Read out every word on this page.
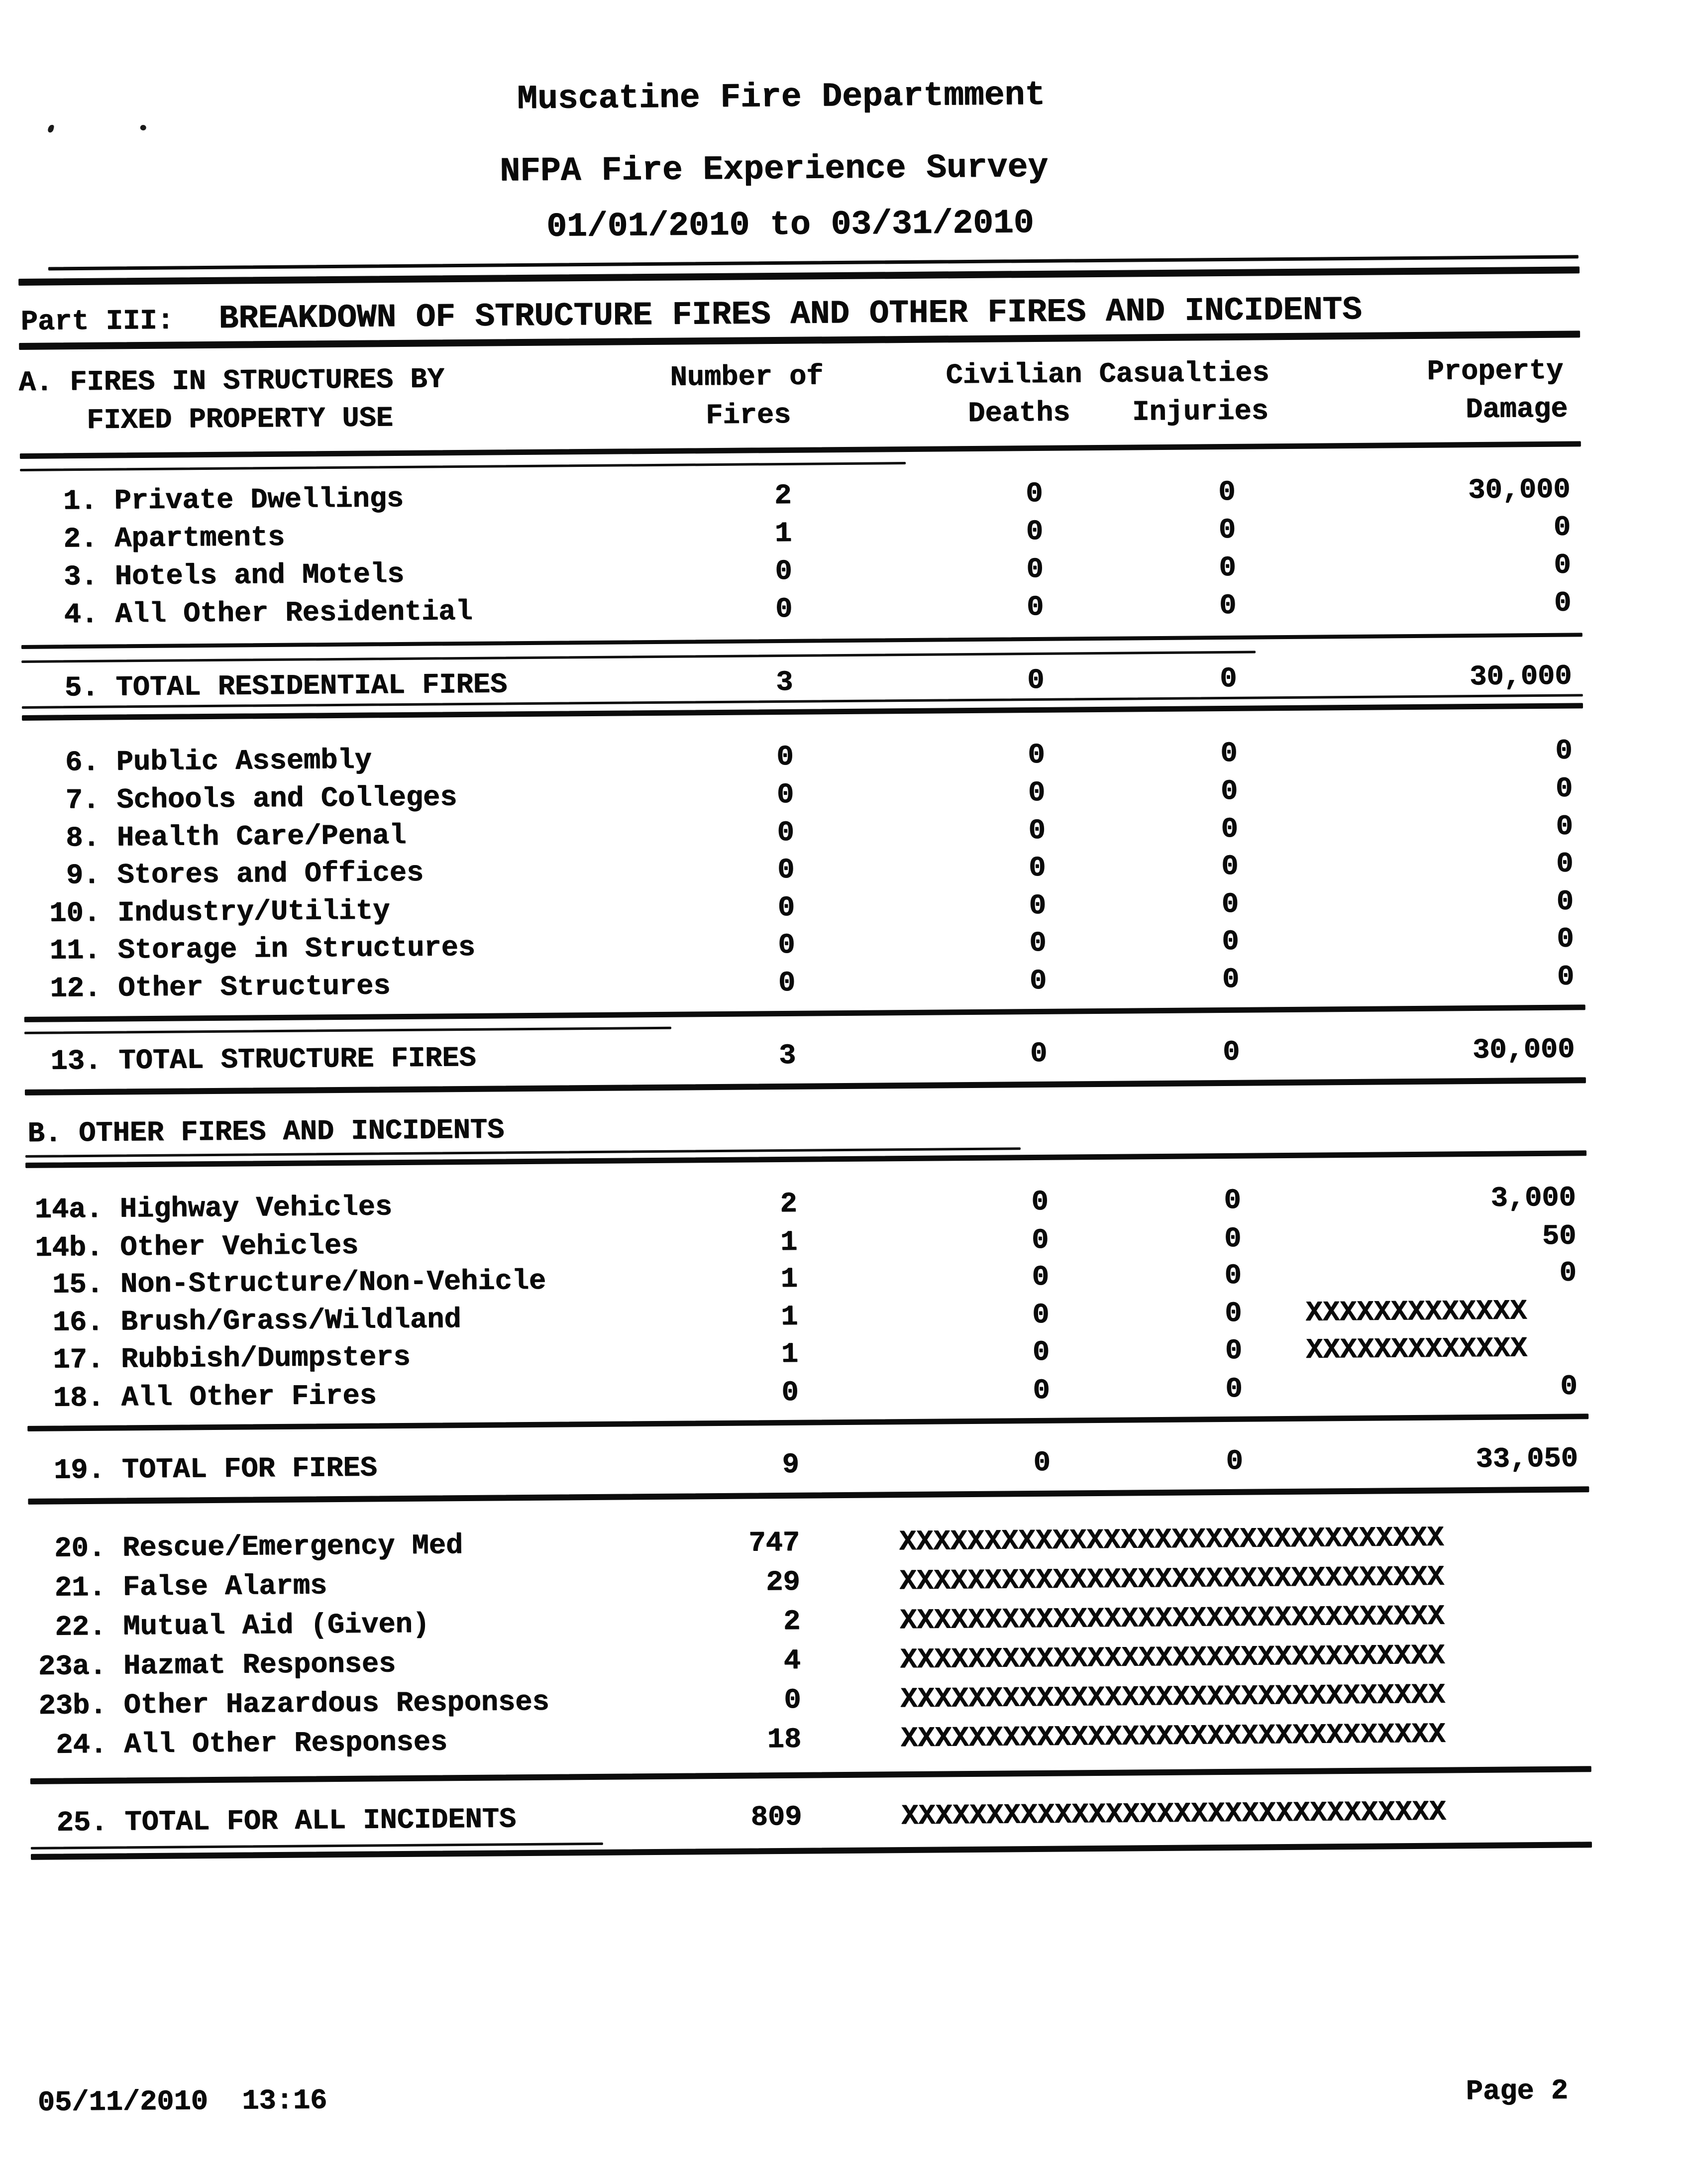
Muscatine Fire Departmment
NFPA Fire Experience Survey
01/01/2010 to 03/31/2010
Part III: BREAKDOWN OF STRUCTURE FIRES AND OTHER FIRES AND INCIDENTS
A. FIRES IN STRUCTURES BY
FIXED PROPERTY USE
Number of
Fires
Civilian Casualties
Deaths Injuries
Property
Damage
B. OTHER FIRES AND INCIDENTS
1. Private Dwellings	2	0	0	30,000
2. Apartments	1	0	0	0
3. Hotels and Motels	0	0	0	0
4. All Other Residential	0	0	0	0
5. TOTAL RESIDENTIAL FIRES	3	0	0	30,000
6. Public Assembly	0	0	0	0
7. Schools and Colleges	0	0	0	0
8. Health Care/Penal	0	0	0	0
9. Stores and Offices	0	0	0	0
10. Industry/Utility	0	0	0	0
11. Storage in Structures	0	0	0	0
12. Other Structures	0	0	0	0
13. TOTAL STRUCTURE FIRES	3	0	0	30,000
14a. Highway Vehicles	2	0	0	3,000
14b. Other Vehicles	1	0	0	50
15. Non-Structure/Non-Vehicle	1	0	0	0
16. Brush/Grass/Wildland	1	0	0 XXXXXXXXXXXXX
17. Rubbish/Dumpsters	1	0	0 XXXXXXXXXXXXX
18. All Other Fires	0	0	0	0
19. TOTAL FOR FIRES	9	0	0	33,050
20. Rescue/Emergency Med	747	XXXXXXXXXXXXXXXXXXXXXXXXXXXXXXXX
21. False Alarms	29	XXXXXXXXXXXXXXXXXXXXXXXXXXXXXXXX
22. Mutual Aid (Given)	2	XXXXXXXXXXXXXXXXXXXXXXXXXXXXXXXX
23a. Hazmat Responses	4	XXXXXXXXXXXXXXXXXXXXXXXXXXXXXXXX
23b. Other Hazardous Responses	0	XXXXXXXXXXXXXXXXXXXXXXXXXXXXXXXX
24. All Other Responses	18	XXXXXXXXXXXXXXXXXXXXXXXXXXXXXXXX
25. TOTAL FOR ALL INCIDENTS	809	XXXXXXXXXXXXXXXXXXXXXXXXXXXXXXXX
05/11/2010  13:16	Page 2
